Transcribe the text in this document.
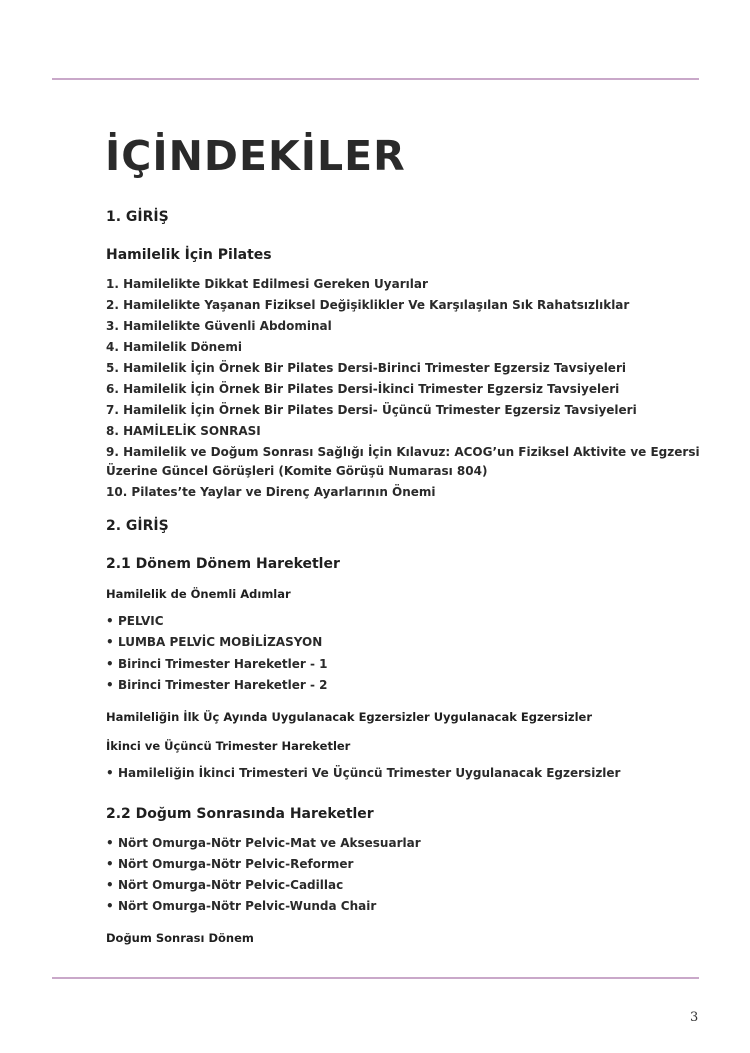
İÇİNDEKİLER
1. GİRİŞ
Hamilelik İçin Pilates
1. Hamilelikte Dikkat Edilmesi Gereken Uyarılar
2. Hamilelikte Yaşanan Fiziksel Değişiklikler Ve Karşılaşılan Sık Rahatsızlıklar
3. Hamilelikte Güvenli Abdominal
4. Hamilelik Dönemi
5. Hamilelik İçin Örnek Bir Pilates Dersi-Birinci Trimester Egzersiz Tavsiyeleri
6. Hamilelik İçin Örnek Bir Pilates Dersi-İkinci Trimester Egzersiz Tavsiyeleri
7. Hamilelik İçin Örnek Bir Pilates Dersi- Üçüncü Trimester Egzersiz Tavsiyeleri
8. HAMİLELİK SONRASI
9. Hamilelik ve Doğum Sonrası Sağlığı İçin Kılavuz: ACOG’un Fiziksel Aktivite ve Egzersi
Üzerine Güncel Görüşleri (Komite Görüşü Numarası 804)
10. Pilates’te Yaylar ve Direnç Ayarlarının Önemi
2. GİRİŞ
2.1 Dönem Dönem Hareketler
Hamilelik de Önemli Adımlar
• PELVIC
• LUMBA PELVİC MOBİLİZASYON
• Birinci Trimester Hareketler - 1
• Birinci Trimester Hareketler - 2
Hamileliğin İlk Üç Ayında Uygulanacak Egzersizler Uygulanacak Egzersizler
İkinci ve Üçüncü Trimester Hareketler
• Hamileliğin İkinci Trimesteri Ve Üçüncü Trimester Uygulanacak Egzersizler
2.2 Doğum Sonrasında Hareketler
• Nört Omurga-Nötr Pelvic-Mat ve Aksesuarlar
• Nört Omurga-Nötr Pelvic-Reformer
• Nört Omurga-Nötr Pelvic-Cadillac
• Nört Omurga-Nötr Pelvic-Wunda Chair
Doğum Sonrası Dönem
3
